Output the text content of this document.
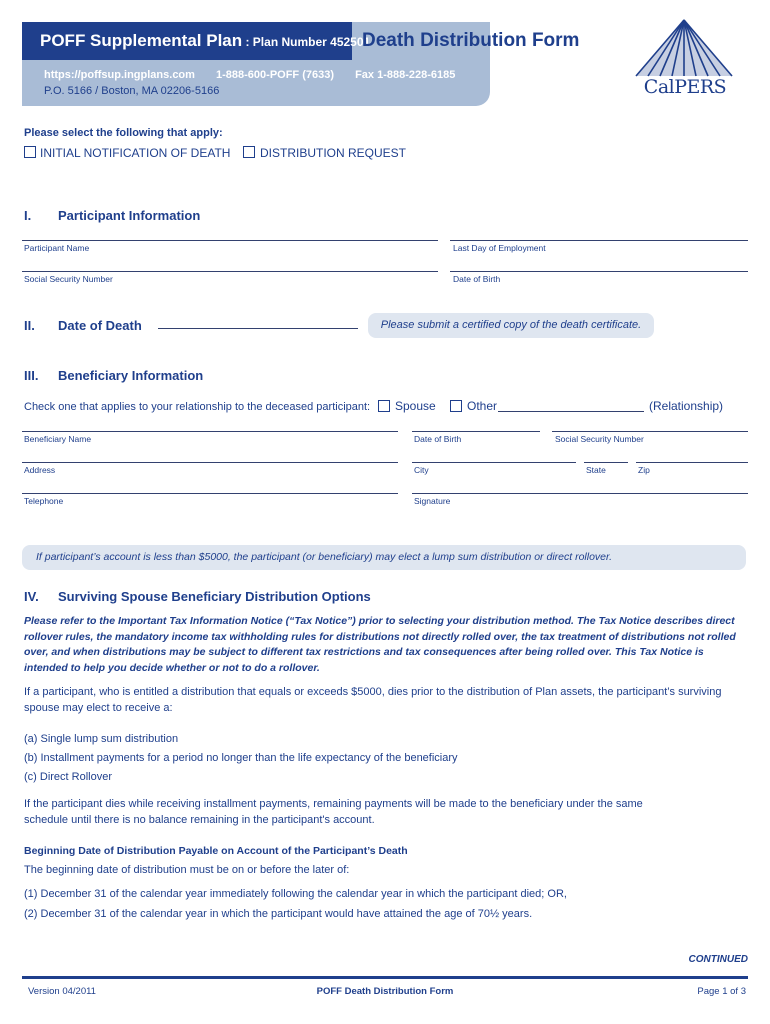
POFF Supplemental Plan : Plan Number 452501
Death Distribution Form
https://poffsup.ingplans.com 1-888-600-POFF (7633) Fax 1-888-228-6185
P.O. 5166 / Boston, MA 02206-5166	CalPERS
Please select the following that apply:
INITIAL NOTIFICATION OF DEATH DISTRIBUTION REQUEST
I. Participant Information
Participant Name	Last Day of Employment
Social Security Number	Date of Birth
II. Date of Death	Please submit a certified copy of the death certificate.
III. Beneficiary Information
Check one that applies to your relationship to the deceased participant: Spouse	Other	(Relationship)
Beneficiary Name	Date of Birth	Social Security Number
Address	City	State	Zip
Telephone	Signature
If participant’s account is less than $5000, the participant (or beneficiary) may elect a lump sum distribution or direct rollover.
IV. Surviving Spouse Beneficiary Distribution Options
Please refer to the Important Tax Information Notice (“Tax Notice”) prior to selecting your distribution method. The Tax Notice describes direct rollover rules, the mandatory income tax withholding rules for distributions not directly rolled over, the tax treatment of distributions not rolled over, and when distributions may be subject to different tax restrictions and tax consequences after being rolled over. This Tax Notice is intended to help you decide whether or not to do a rollover.
If a participant, who is entitled a distribution that equals or exceeds $5000, dies prior to the distribution of Plan assets, the participant’s surviving spouse may elect to receive a:
(a) Single lump sum distribution
(b) Installment payments for a period no longer than the life expectancy of the beneficiary
(c) Direct Rollover
If the participant dies while receiving installment payments, remaining payments will be made to the beneficiary under the same schedule until there is no balance remaining in the participant's account.
Beginning Date of Distribution Payable on Account of the Participant’s Death
The beginning date of distribution must be on or before the later of:
(1) December 31 of the calendar year immediately following the calendar year in which the participant died; OR,
(2) December 31 of the calendar year in which the participant would have attained the age of 70½ years.
CONTINUED
Version 04/2011	POFF Death Distribution Form	Page 1 of 3
